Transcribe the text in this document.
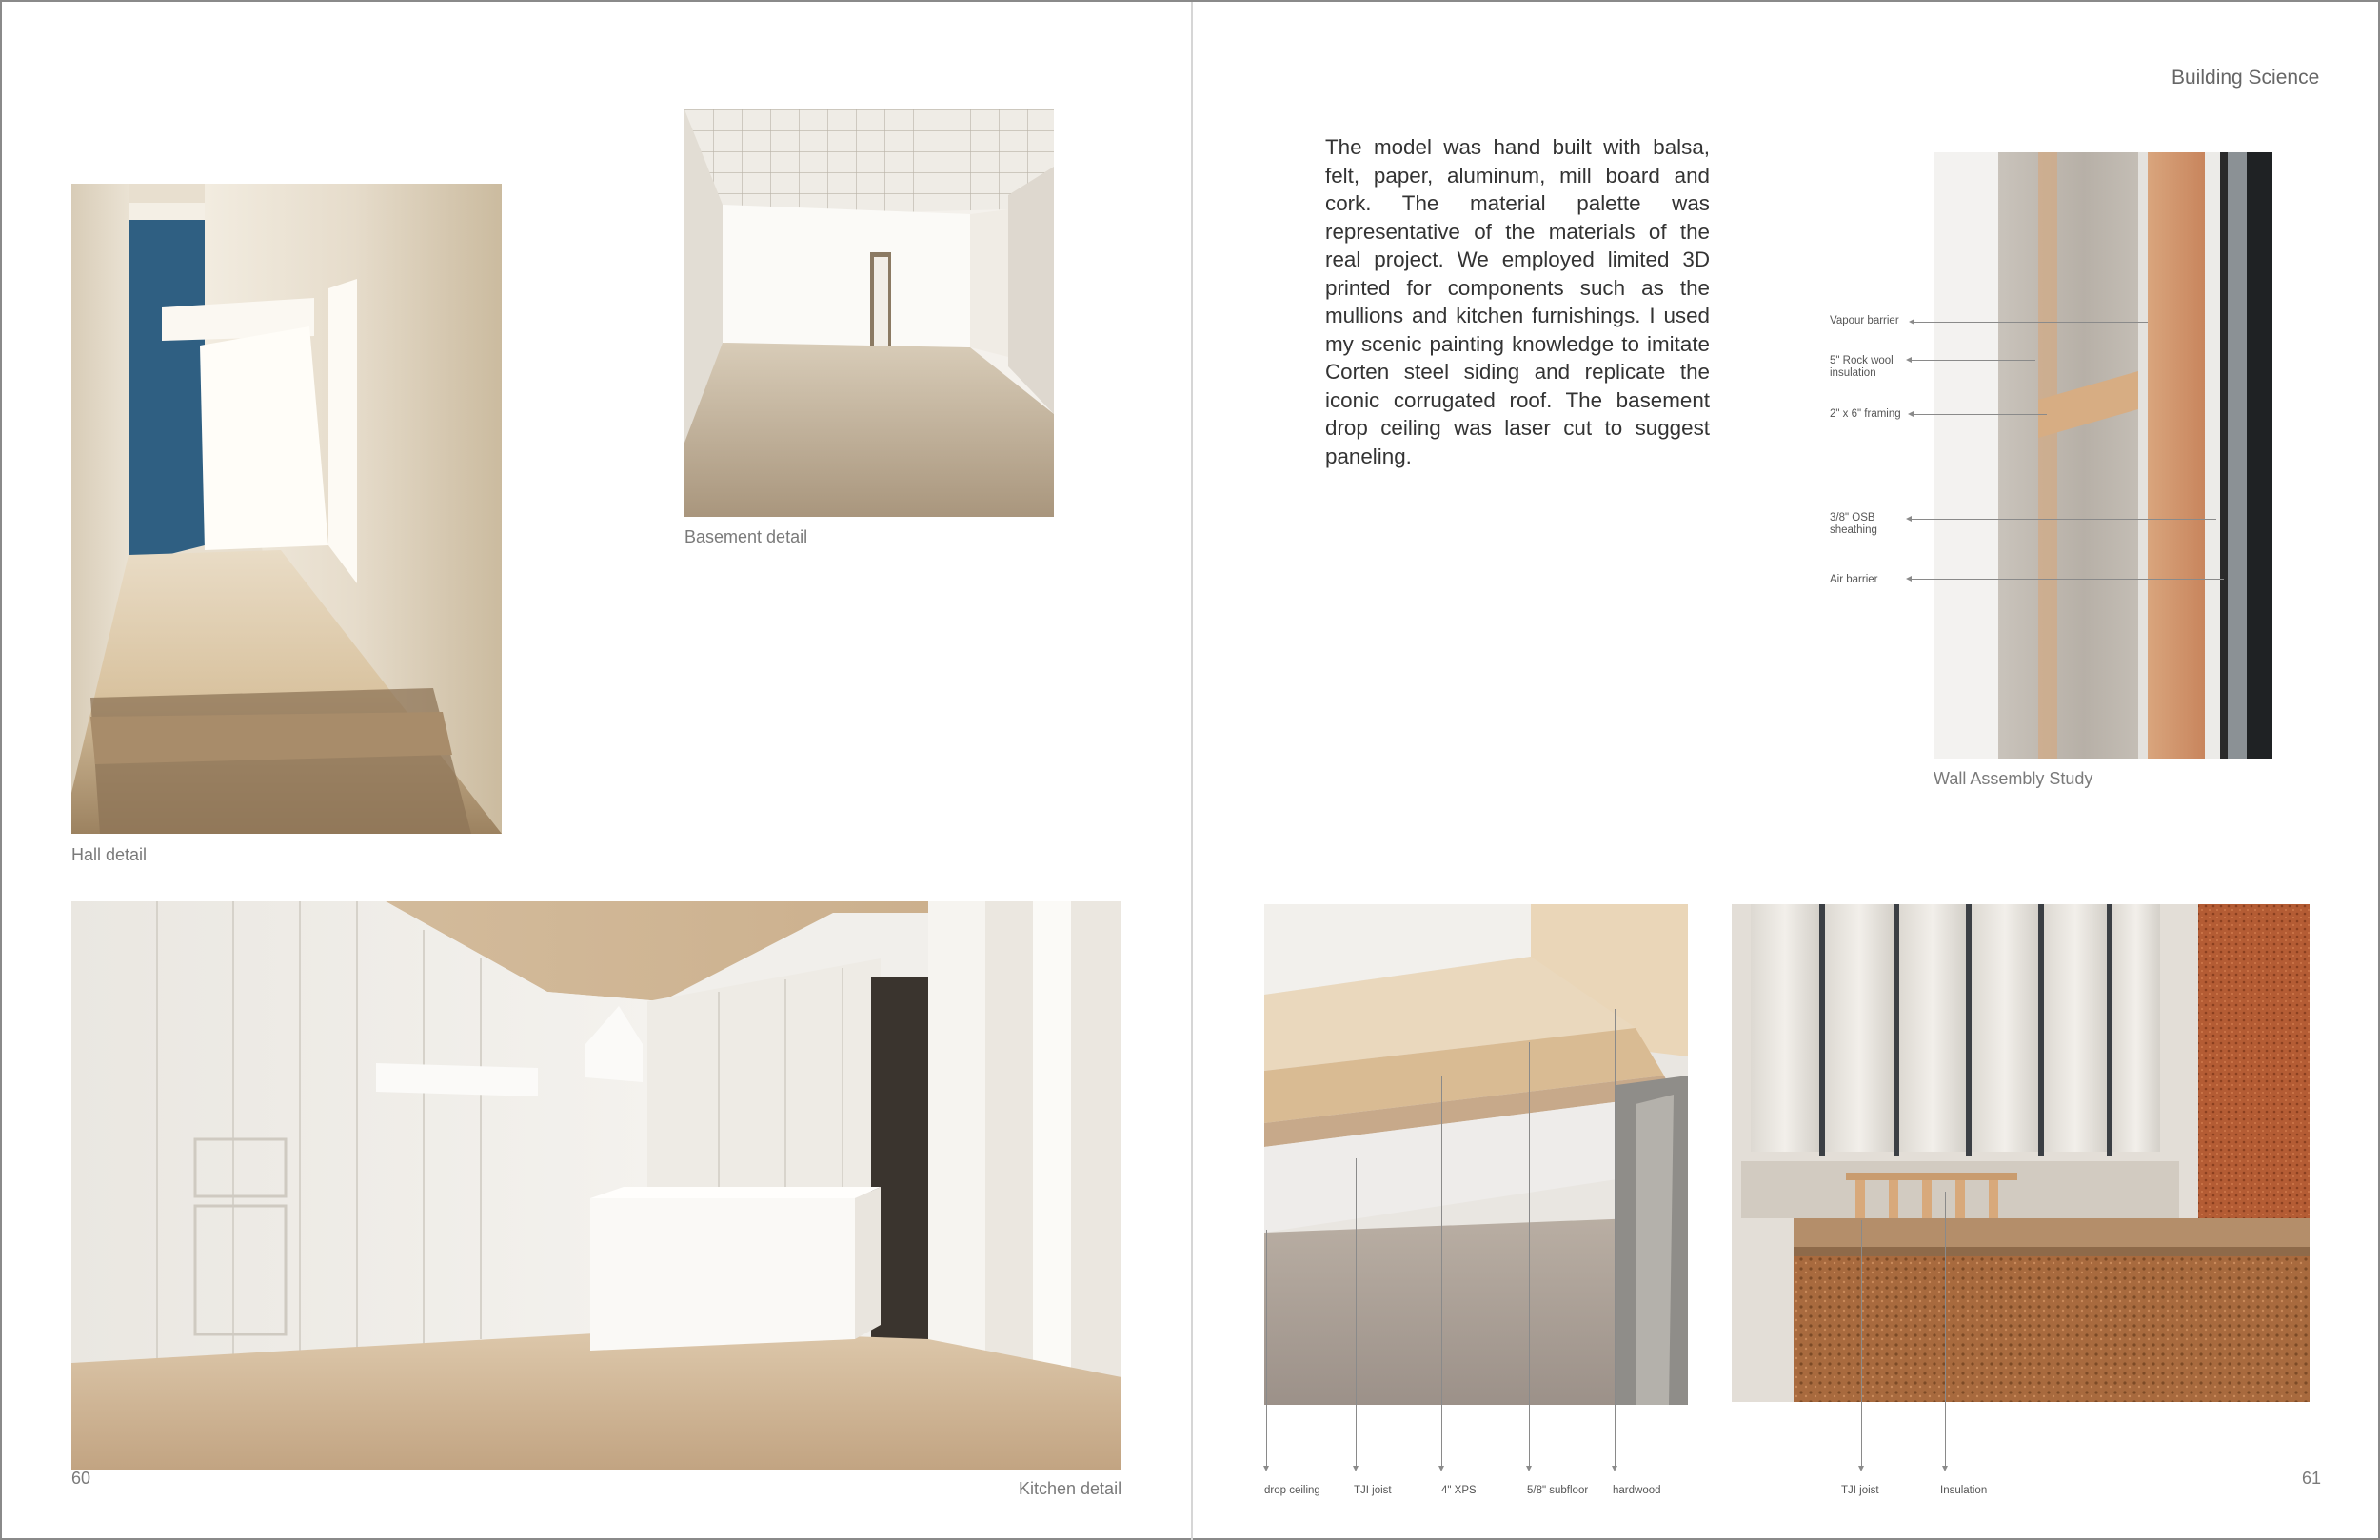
Hall detail
Basement detail
60
Kitchen detail
Building Science

The model was hand built with balsa, felt, paper, aluminum, mill board and cork. The material palette was representative of the materials of the real project. We employed limited 3D printed for components such as the mullions and kitchen furnishings. I used my scenic painting knowledge to imitate Corten steel siding and replicate the iconic corrugated roof. The basement drop ceiling was laser cut to suggest paneling.

Vapour barrier
5" Rock wool insulation
2" x 6" framing
3/8" OSB sheathing
Air barrier
Wall Assembly Study
drop ceiling	TJI joist	4" XPS	5/8" subfloor hardwood	TJI joist	Insulation
61
